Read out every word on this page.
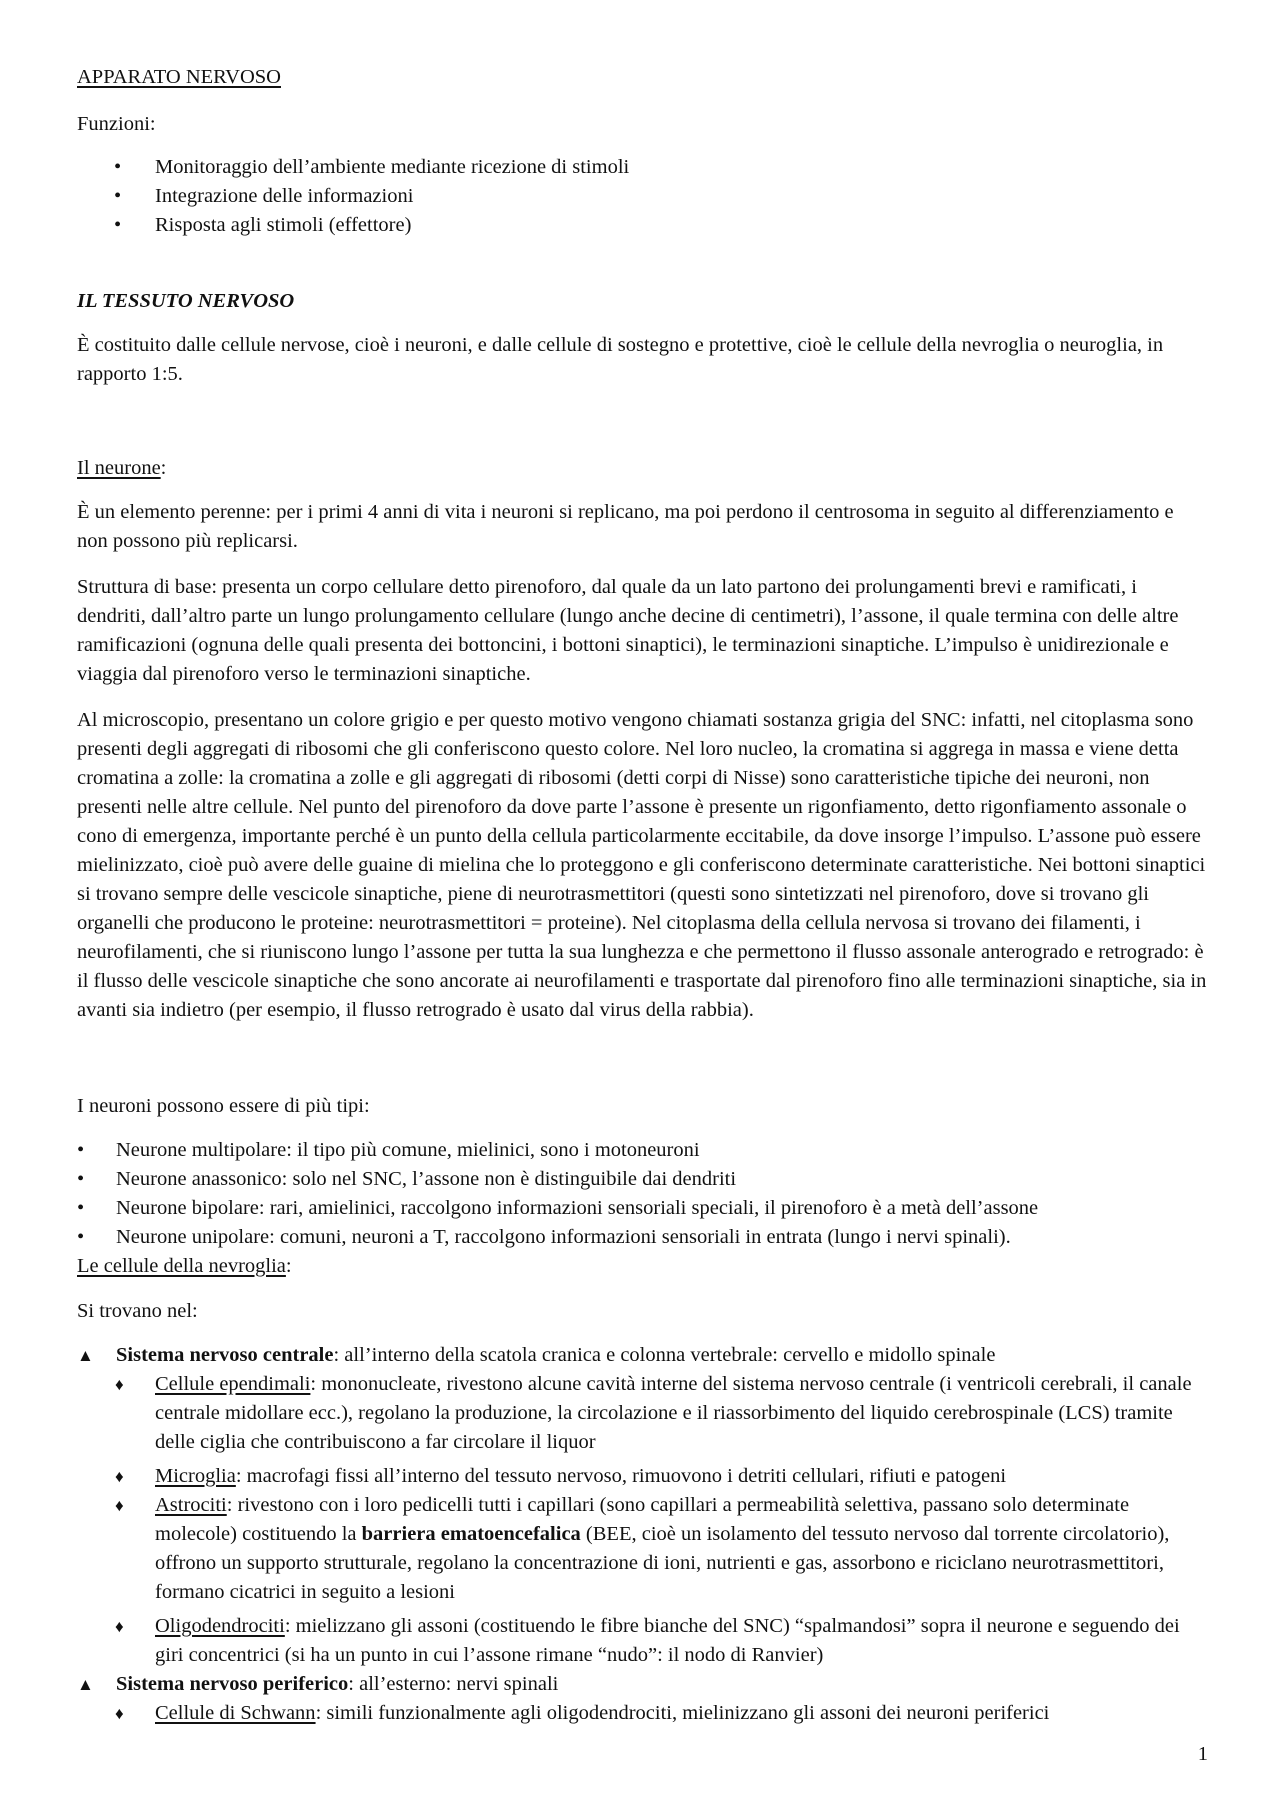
APPARATO NERVOSO
Funzioni:
• Monitoraggio dell’ambiente mediante ricezione di stimoli
• Integrazione delle informazioni
• Risposta agli stimoli (effettore)
IL TESSUTO NERVOSO

È costituito dalle cellule nervose, cioè i neuroni, e dalle cellule di sostegno e protettive, cioè le cellule della nevroglia o neuroglia, in rapporto 1:5.

Il neurone:

È un elemento perenne: per i primi 4 anni di vita i neuroni si replicano, ma poi perdono il centrosoma in seguito al differenziamento e non possono più replicarsi.

Struttura di base: presenta un corpo cellulare detto pirenoforo, dal quale da un lato partono dei prolungamenti brevi e ramificati, i dendriti, dall’altro parte un lungo prolungamento cellulare (lungo anche decine di centimetri), l’assone, il quale termina con delle altre ramificazioni (ognuna delle quali presenta dei bottoncini, i bottoni sinaptici), le terminazioni sinaptiche. L’impulso è unidirezionale e viaggia dal pirenoforo verso le terminazioni sinaptiche.

Al microscopio, presentano un colore grigio e per questo motivo vengono chiamati sostanza grigia del SNC: infatti, nel citoplasma sono presenti degli aggregati di ribosomi che gli conferiscono questo colore. Nel loro nucleo, la cromatina si aggrega in massa e viene detta cromatina a zolle: la cromatina a zolle e gli aggregati di ribosomi (detti corpi di Nisse) sono caratteristiche tipiche dei neuroni, non presenti nelle altre cellule. Nel punto del pirenoforo da dove parte l’assone è presente un rigonfiamento, detto rigonfiamento assonale o cono di emergenza, importante perché è un punto della cellula particolarmente eccitabile, da dove insorge l’impulso. L’assone può essere mielinizzato, cioè può avere delle guaine di mielina che lo proteggono e gli conferiscono determinate caratteristiche. Nei bottoni sinaptici si trovano sempre delle vescicole sinaptiche, piene di neurotrasmettitori (questi sono sintetizzati nel pirenoforo, dove si trovano gli organelli che producono le proteine: neurotrasmettitori = proteine). Nel citoplasma della cellula nervosa si trovano dei filamenti, i neurofilamenti, che si riuniscono lungo l’assone per tutta la sua lunghezza e che permettono il flusso assonale anterogrado e retrogrado: è il flusso delle vescicole sinaptiche che sono ancorate ai neurofilamenti e trasportate dal pirenoforo fino alle terminazioni sinaptiche, sia in avanti sia indietro (per esempio, il flusso retrogrado è usato dal virus della rabbia).

I neuroni possono essere di più tipi:
• Neurone multipolare: il tipo più comune, mielinici, sono i motoneuroni
• Neurone anassonico: solo nel SNC, l’assone non è distinguibile dai dendriti
• Neurone bipolare: rari, amielinici, raccolgono informazioni sensoriali speciali, il pirenoforo è a metà dell’assone
• Neurone unipolare: comuni, neuroni a T, raccolgono informazioni sensoriali in entrata (lungo i nervi spinali).
Le cellule della nevroglia:
Si trovano nel:
▲ Sistema nervoso centrale: all’interno della scatola cranica e colonna vertebrale: cervello e midollo spinale
♦ Cellule ependimali: mononucleate, rivestono alcune cavità interne del sistema nervoso centrale (i ventricoli cerebrali, il canale centrale midollare ecc.), regolano la produzione, la circolazione e il riassorbimento del liquido cerebrospinale (LCS) tramite delle ciglia che contribuiscono a far circolare il liquor
♦ Microglia: macrofagi fissi all’interno del tessuto nervoso, rimuovono i detriti cellulari, rifiuti e patogeni
♦ Astrociti: rivestono con i loro pedicelli tutti i capillari (sono capillari a permeabilità selettiva, passano solo determinate molecole) costituendo la barriera ematoencefalica (BEE, cioè un isolamento del tessuto nervoso dal torrente circolatorio), offrono un supporto strutturale, regolano la concentrazione di ioni, nutrienti e gas, assorbono e riciclano neurotrasmettitori, formano cicatrici in seguito a lesioni
♦ Oligodendrociti: mielizzano gli assoni (costituendo le fibre bianche del SNC) “spalmandosi” sopra il neurone e seguendo dei giri concentrici (si ha un punto in cui l’assone rimane “nudo”: il nodo di Ranvier)
▲ Sistema nervoso periferico: all’esterno: nervi spinali
♦ Cellule di Schwann: simili funzionalmente agli oligodendrociti, mielinizzano gli assoni dei neuroni periferici
1
